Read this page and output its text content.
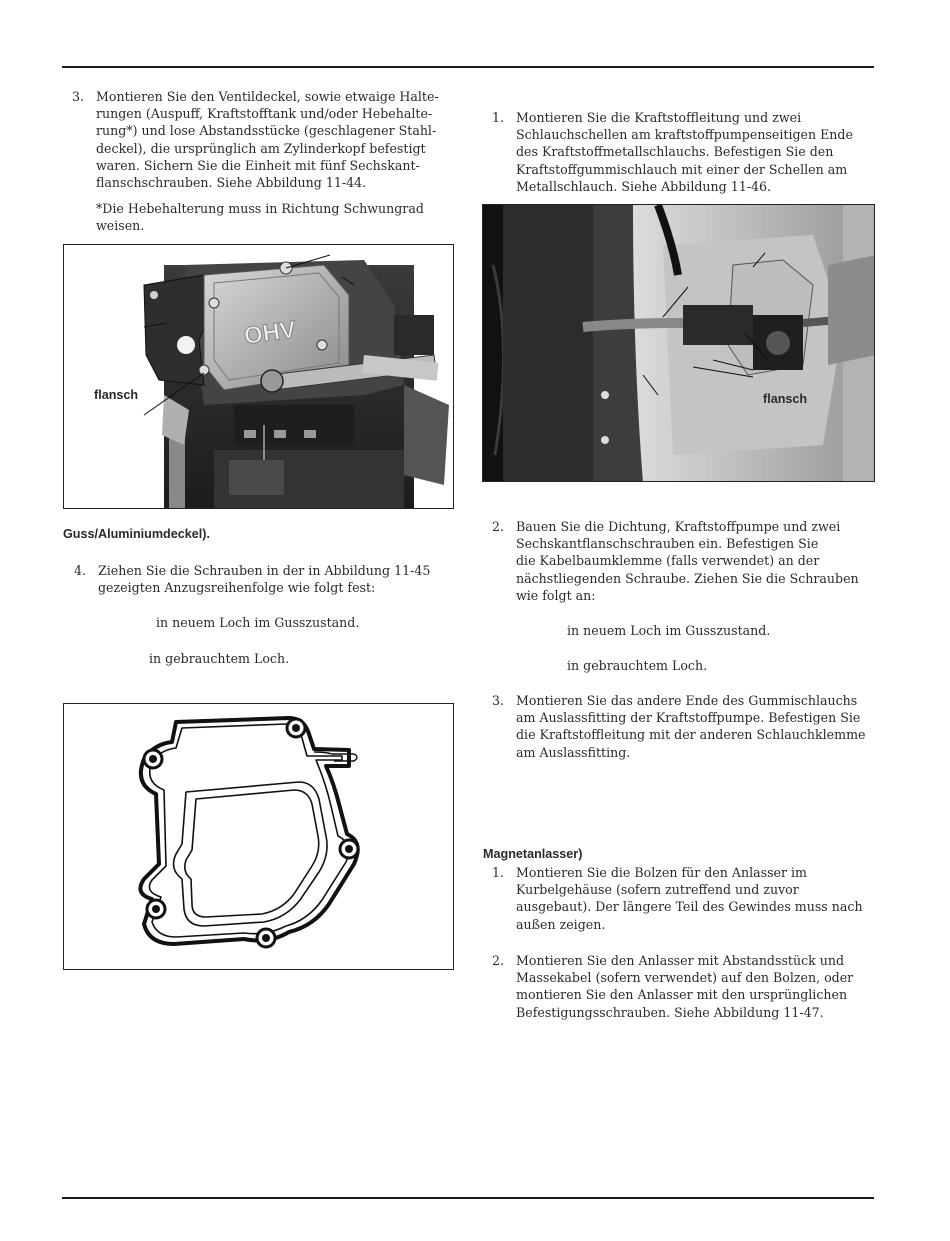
3. Montieren Sie den Ventildeckel, sowie etwaige Halte-
rungen (Auspuff, Kraftstofftank und/oder Hebehalte-
rung*) und lose Abstandsstücke (geschlagener Stahl-
deckel), die ursprünglich am Zylinderkopf befestigt
waren. Sichern Sie die Einheit mit fünf Sechskant-
flanschschrauben. Siehe Abbildung 11-44.
*Die Hebehalterung muss in Richtung Schwungrad
weisen.
OHV
flansch
Guss/Aluminiumdeckel).
4. Ziehen Sie die Schrauben in der in Abbildung 11-45
gezeigten Anzugsreihenfolge wie folgt fest:
in neuem Loch im Gusszustand.
in gebrauchtem Loch.
1. Montieren Sie die Kraftstoffleitung und zwei
Schlauchschellen am kraftstoffpumpenseitigen Ende
des Kraftstoffmetallschlauchs. Befestigen Sie den
Kraftstoffgummischlauch mit einer der Schellen am
Metallschlauch. Siehe Abbildung 11-46.
flansch
2. Bauen Sie die Dichtung, Kraftstoffpumpe und zwei
Sechskantflanschschrauben ein. Befestigen Sie
die Kabelbaumklemme (falls verwendet) an der
nächstliegenden Schraube. Ziehen Sie die Schrauben
wie folgt an:
in neuem Loch im Gusszustand.
in gebrauchtem Loch.
3. Montieren Sie das andere Ende des Gummischlauchs
am Auslassfitting der Kraftstoffpumpe. Befestigen Sie
die Kraftstoffleitung mit der anderen Schlauchklemme
am Auslassfitting.
Magnetanlasser)
1. Montieren Sie die Bolzen für den Anlasser im
Kurbelgehäuse (sofern zutreffend und zuvor
ausgebaut). Der längere Teil des Gewindes muss nach
außen zeigen.
2. Montieren Sie den Anlasser mit Abstandsstück und
Massekabel (sofern verwendet) auf den Bolzen, oder
montieren Sie den Anlasser mit den ursprünglichen
Befestigungsschrauben. Siehe Abbildung 11-47.
